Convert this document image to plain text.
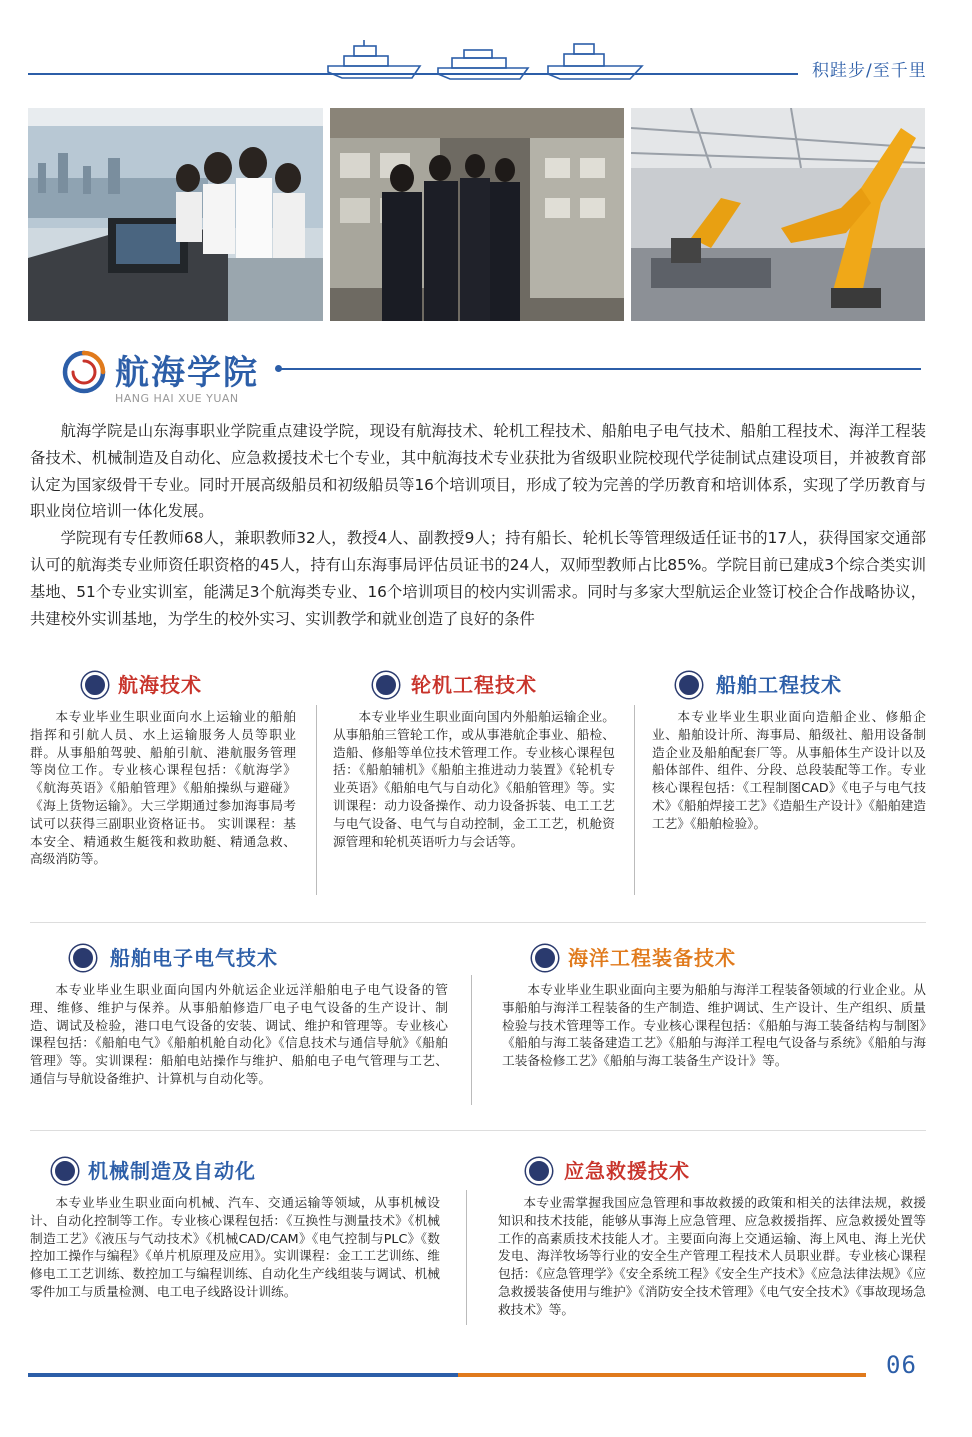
积跬步/至千里
航海学院
HANG HAI XUE YUAN

航海学院是山东海事职业学院重点建设学院，现设有航海技术、轮机工程技术、船舶电子电气技术、船舶工程技术、海洋工程装备技术、机械制造及自动化、应急救援技术七个专业，其中航海技术专业获批为省级职业院校现代学徒制试点建设项目，并被教育部认定为国家级骨干专业。同时开展高级船员和初级船员等16个培训项目，形成了较为完善的学历教育和培训体系，实现了学历教育与职业岗位培训一体化发展。

学院现有专任教师68人，兼职教师32人，教授4人、副教授9人；持有船长、轮机长等管理级适任证书的17人，获得国家交通部认可的航海类专业师资任职资格的45人，持有山东海事局评估员证书的24人，双师型教师占比85%。学院目前已建成3个综合类实训基地、51个专业实训室，能满足3个航海类专业、16个培训项目的校内实训需求。同时与多家大型航运企业签订校企合作战略协议，共建校外实训基地，为学生的校外实习、实训教学和就业创造了良好的条件

航海技术
本专业毕业生职业面向水上运输业的船舶指挥和引航人员、水上运输服务人员等职业群。从事船舶驾驶、船舶引航、港航服务管理等岗位工作。专业核心课程包括：《航海学》《航海英语》《船舶管理》《船舶操纵与避碰》《海上货物运输》。大三学期通过参加海事局考试可以获得三副职业资格证书。 实训课程：基本安全、精通救生艇筏和救助艇、精通急救、高级消防等。
轮机工程技术
本专业毕业生职业面向国内外船舶运输企业。从事船舶三管轮工作，或从事港航企事业、船检、造船、修船等单位技术管理工作。专业核心课程包括：《船舶辅机》《船舶主推进动力装置》《轮机专业英语》《船舶电气与自动化》《船舶管理》等。实训课程：动力设备操作、动力设备拆装、电工工艺与电气设备、电气与自动控制，金工工艺，机舱资源管理和轮机英语听力与会话等。
船舶工程技术
本专业毕业生职业面向造船企业、修船企业、船舶设计所、海事局、船级社、船用设备制造企业及船舶配套厂等。从事船体生产设计以及船体部件、组件、分段、总段装配等工作。专业核心课程包括：《工程制图CAD》《电子与电气技术》《船舶焊接工艺》《造船生产设计》《船舶建造工艺》《船舶检验》。
船舶电子电气技术
本专业毕业生职业面向国内外航运企业远洋船舶电子电气设备的管理、维修、维护与保养。从事船舶修造厂电子电气设备的生产设计、制造、调试及检验，港口电气设备的安装、调试、维护和管理等。专业核心课程包括：《船舶电气》《船舶机舱自动化》《信息技术与通信导航》《船舶管理》等。实训课程：船舶电站操作与维护、船舶电子电气管理与工艺、通信与导航设备维护、计算机与自动化等。
海洋工程装备技术
本专业毕业生职业面向主要为船舶与海洋工程装备领域的行业企业。从事船舶与海洋工程装备的生产制造、维护调试、生产设计、生产组织、质量检验与技术管理等工作。专业核心课程包括：《船舶与海工装备结构与制图》《船舶与海工装备建造工艺》《船舶与海洋工程电气设备与系统》《船舶与海工装备检修工艺》《船舶与海工装备生产设计》等。
机械制造及自动化
本专业毕业生职业面向机械、汽车、交通运输等领域，从事机械设计、自动化控制等工作。专业核心课程包括：《互换性与测量技术》《机械制造工艺》《液压与气动技术》《机械CAD/CAM》《电气控制与PLC》《数控加工操作与编程》《单片机原理及应用》。实训课程：金工工艺训练、维修电工工艺训练、数控加工与编程训练、自动化生产线组装与调试、机械零件加工与质量检测、电工电子线路设计训练。
应急救援技术
本专业需掌握我国应急管理和事故救援的政策和相关的法律法规，救援知识和技术技能，能够从事海上应急管理、应急救援指挥、应急救援处置等工作的高素质技术技能人才。主要面向海上交通运输、海上风电、海上光伏发电、海洋牧场等行业的安全生产管理工程技术人员职业群。专业核心课程包括：《应急管理学》《安全系统工程》《安全生产技术》《应急法律法规》《应急救援装备使用与维护》《消防安全技术管理》《电气安全技术》《事故现场急救技术》等。
06
